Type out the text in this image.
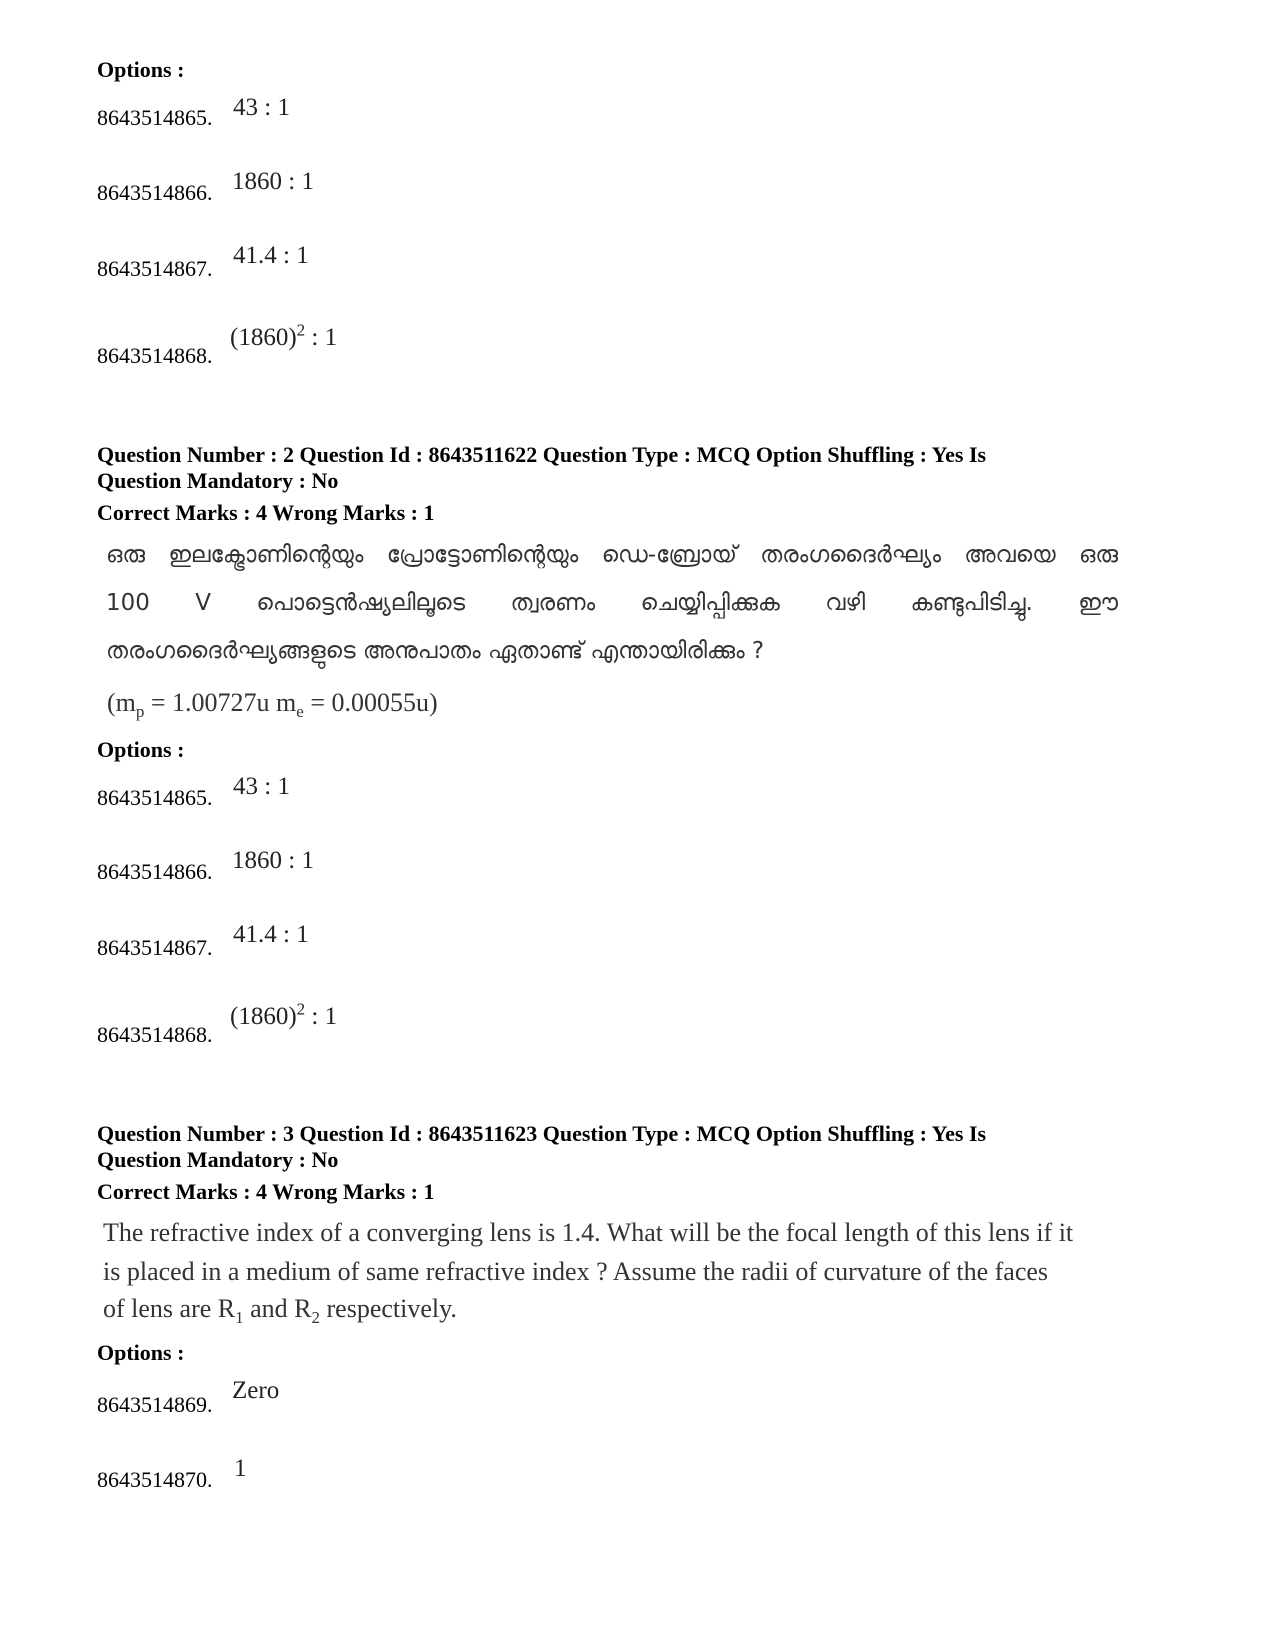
Options :
8643514865. 43 : 1
8643514866. 1860 : 1
8643514867. 41.4 : 1
8643514868.
$(1860)^2$ : 1
Question Number : 2 Question Id : 8643511622 Question Type : MCQ Option Shuffling : Yes Is
Question Mandatory : No
Correct Marks : 4 Wrong Marks : 1
ഒരു ഇലക്ട്രോണിന്റെയും പ്രോട്ടോണിന്റെയും ഡെ-ബ്രോയ് തരംഗദൈർഘ്യം അവയെ ഒരു
100 V പൊട്ടെൻഷ്യലിലൂടെ ത്വരണം ചെയ്യിപ്പിക്കുക വഴി കണ്ടുപിടിച്ചു. ഈ
തരംഗദൈർഘ്യങ്ങളുടെ അനുപാതം ഏതാണ്ട് എന്തായിരിക്കും ?
($m_p = 1.00727u$ $m_e = 0.00055u$)
Options :
8643514865. 43 : 1
8643514866. 1860 : 1
8643514867. 41.4 : 1
8643514868.
$(1860)^2$ : 1
Question Number : 3 Question Id : 8643511623 Question Type : MCQ Option Shuffling : Yes Is
Question Mandatory : No
Correct Marks : 4 Wrong Marks : 1
The refractive index of a converging lens is 1.4. What will be the focal length of this lens if it
is placed in a medium of same refractive index ? Assume the radii of curvature of the faces
of lens are $R_1$ and $R_2$ respectively.
Options :
8643514869.
Zero
8643514870. 1
